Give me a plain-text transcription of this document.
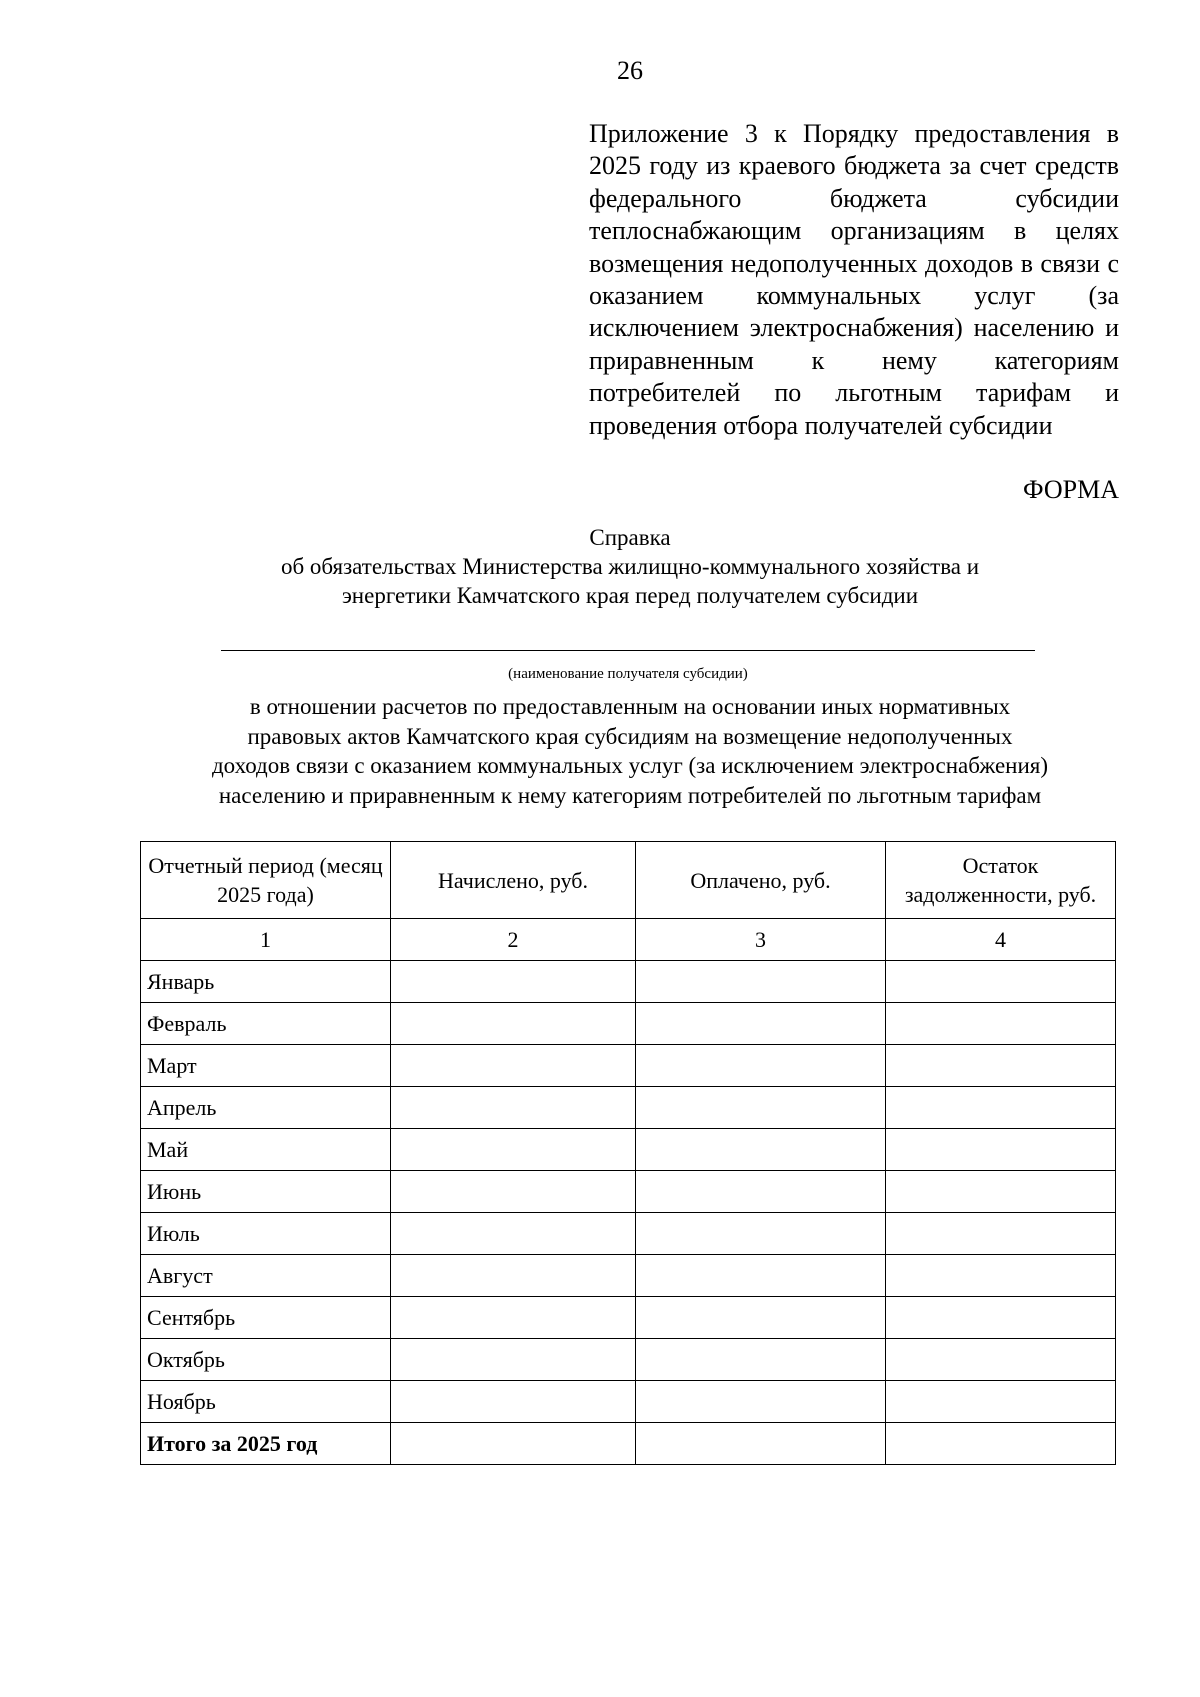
26
Приложение 3 к Порядку предоставления в 2025 году из краевого бюджета за счет средств федерального бюджета субсидии теплоснабжающим организациям в целях возмещения недополученных доходов в связи с оказанием коммунальных услуг (за исключением электроснабжения) населению и приравненным к нему категориям потребителей по льготным тарифам и проведения отбора получателей субсидии
ФОРМА
Справка
об обязательствах Министерства жилищно-коммунального хозяйства и
энергетики Камчатского края перед получателем субсидии
(наименование получателя субсидии)
в отношении расчетов по предоставленным на основании иных нормативных
правовых актов Камчатского края субсидиям на возмещение недополученных
доходов связи с оказанием коммунальных услуг (за исключением электроснабжения)
населению и приравненным к нему категориям потребителей по льготным тарифам
Отчетный период (месяц 2025 года)	Начислено, руб.	Оплачено, руб.	Остаток задолженности, руб.
1	2	3	4
Январь			
Февраль			
Март			
Апрель			
Май			
Июнь			
Июль			
Август			
Сентябрь			
Октябрь			
Ноябрь			
Итого за 2025 год			
